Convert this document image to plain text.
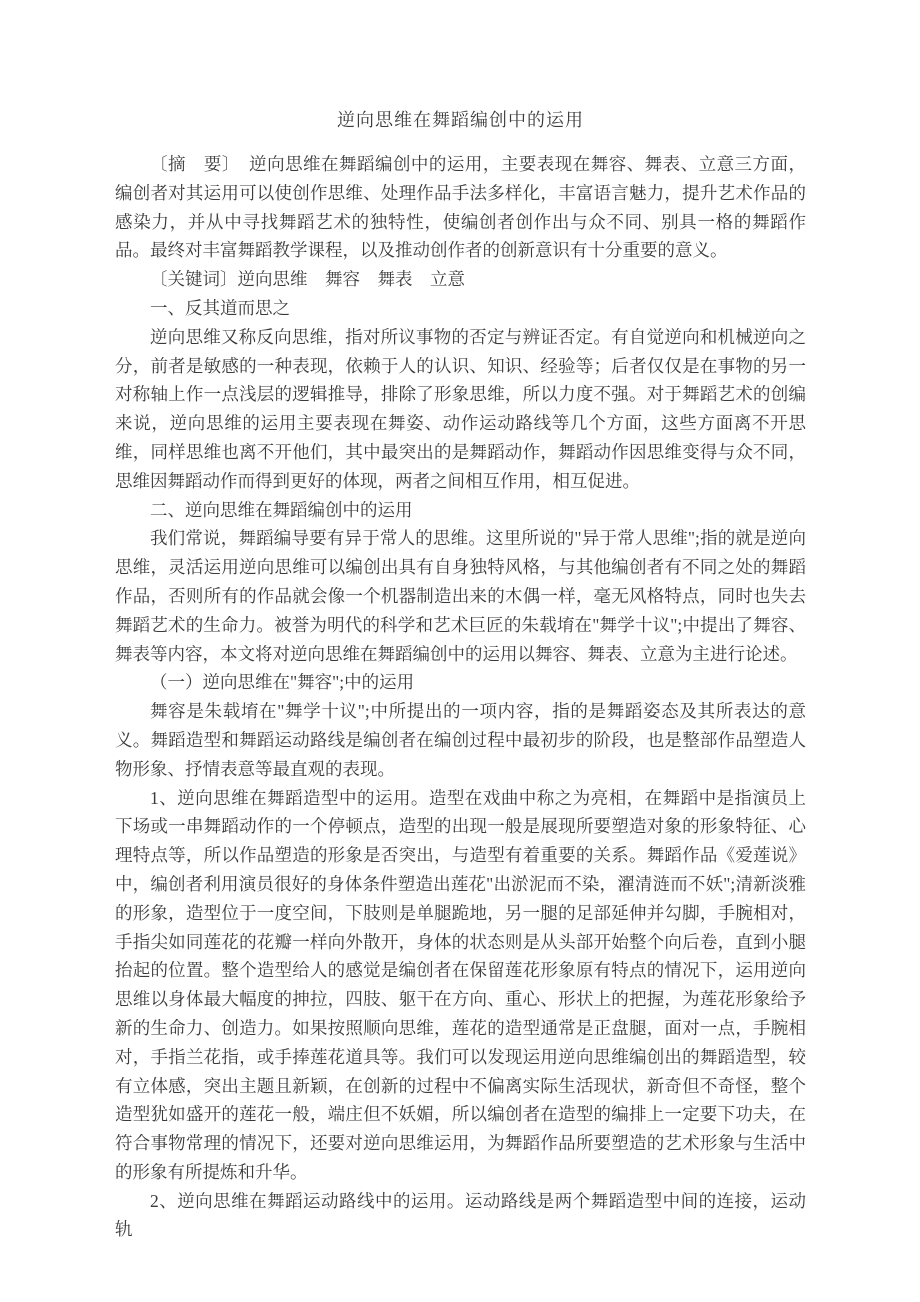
逆向思维在舞蹈编创中的运用

〔摘　要〕　逆向思维在舞蹈编创中的运用，主要表现在舞容、舞表、立意三方面，编创者对其运用可以使创作思维、处理作品手法多样化，丰富语言魅力，提升艺术作品的感染力，并从中寻找舞蹈艺术的独特性，使编创者创作出与众不同、别具一格的舞蹈作品。最终对丰富舞蹈教学课程，以及推动创作者的创新意识有十分重要的意义。

〔关键词〕逆向思维　舞容　舞表　立意

一、反其道而思之

逆向思维又称反向思维，指对所议事物的否定与辨证否定。有自觉逆向和机械逆向之分，前者是敏感的一种表现，依赖于人的认识、知识、经验等；后者仅仅是在事物的另一对称轴上作一点浅层的逻辑推导，排除了形象思维，所以力度不强。对于舞蹈艺术的创编来说，逆向思维的运用主要表现在舞姿、动作运动路线等几个方面，这些方面离不开思维，同样思维也离不开他们，其中最突出的是舞蹈动作，舞蹈动作因思维变得与众不同，思维因舞蹈动作而得到更好的体现，两者之间相互作用，相互促进。

二、逆向思维在舞蹈编创中的运用

我们常说，舞蹈编导要有异于常人的思维。这里所说的"异于常人思维";指的就是逆向思维，灵活运用逆向思维可以编创出具有自身独特风格，与其他编创者有不同之处的舞蹈作品，否则所有的作品就会像一个机器制造出来的木偶一样，毫无风格特点，同时也失去舞蹈艺术的生命力。被誉为明代的科学和艺术巨匠的朱载堉在"舞学十议";中提出了舞容、舞表等内容，本文将对逆向思维在舞蹈编创中的运用以舞容、舞表、立意为主进行论述。

（一）逆向思维在"舞容";中的运用

舞容是朱载堉在"舞学十议";中所提出的一项内容，指的是舞蹈姿态及其所表达的意义。舞蹈造型和舞蹈运动路线是编创者在编创过程中最初步的阶段，也是整部作品塑造人物形象、抒情表意等最直观的表现。

1、逆向思维在舞蹈造型中的运用。造型在戏曲中称之为亮相，在舞蹈中是指演员上下场或一串舞蹈动作的一个停顿点，造型的出现一般是展现所要塑造对象的形象特征、心理特点等，所以作品塑造的形象是否突出，与造型有着重要的关系。舞蹈作品《爱莲说》中，编创者利用演员很好的身体条件塑造出莲花"出淤泥而不染，濯清涟而不妖";清新淡雅的形象，造型位于一度空间，下肢则是单腿跪地，另一腿的足部延伸并勾脚，手腕相对，手指尖如同莲花的花瓣一样向外散开，身体的状态则是从头部开始整个向后卷，直到小腿抬起的位置。整个造型给人的感觉是编创者在保留莲花形象原有特点的情况下，运用逆向思维以身体最大幅度的抻拉，四肢、躯干在方向、重心、形状上的把握，为莲花形象给予新的生命力、创造力。如果按照顺向思维，莲花的造型通常是正盘腿，面对一点，手腕相对，手指兰花指，或手捧莲花道具等。我们可以发现运用逆向思维编创出的舞蹈造型，较有立体感，突出主题且新颖，在创新的过程中不偏离实际生活现状，新奇但不奇怪，整个造型犹如盛开的莲花一般，端庄但不妖媚，所以编创者在造型的编排上一定要下功夫，在符合事物常理的情况下，还要对逆向思维运用，为舞蹈作品所要塑造的艺术形象与生活中的形象有所提炼和升华。

2、逆向思维在舞蹈运动路线中的运用。运动路线是两个舞蹈造型中间的连接，运动轨
